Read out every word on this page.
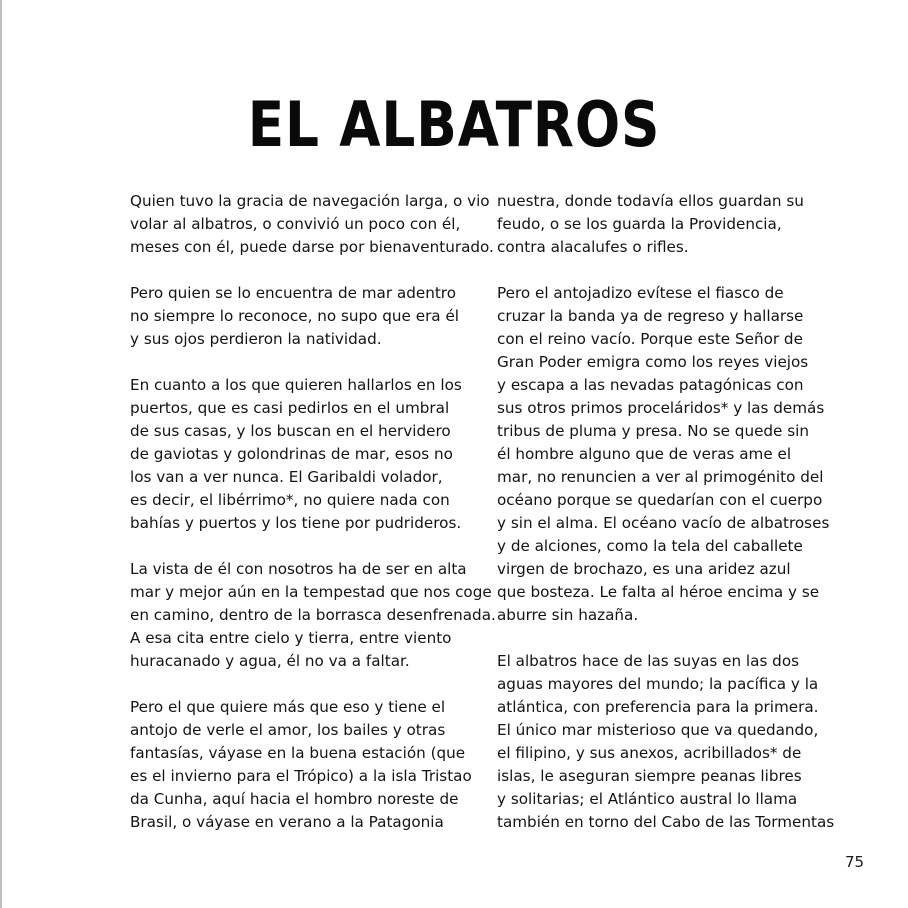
EL ALBATROS
Quien tuvo la gracia de navegación larga, o vio
volar al albatros, o convivió un poco con él,
meses con él, puede darse por bienaventurado.
Pero quien se lo encuentra de mar adentro
no siempre lo reconoce, no supo que era él
y sus ojos perdieron la natividad.
En cuanto a los que quieren hallarlos en los
puertos, que es casi pedirlos en el umbral
de sus casas, y los buscan en el hervidero
de gaviotas y golondrinas de mar, esos no
los van a ver nunca. El Garibaldi volador,
es decir, el libérrimo*, no quiere nada con
bahías y puertos y los tiene por pudrideros.
La vista de él con nosotros ha de ser en alta
mar y mejor aún en la tempestad que nos coge
en camino, dentro de la borrasca desenfrenada.
A esa cita entre cielo y tierra, entre viento
huracanado y agua, él no va a faltar.
Pero el que quiere más que eso y tiene el
antojo de verle el amor, los bailes y otras
fantasías, váyase en la buena estación (que
es el invierno para el Trópico) a la isla Tristao
da Cunha, aquí hacia el hombro noreste de
Brasil, o váyase en verano a la Patagonia
nuestra, donde todavía ellos guardan su
feudo, o se los guarda la Providencia,
contra alacalufes o rifles.
Pero el antojadizo evítese el fiasco de
cruzar la banda ya de regreso y hallarse
con el reino vacío. Porque este Señor de
Gran Poder emigra como los reyes viejos
y escapa a las nevadas patagónicas con
sus otros primos proceláridos* y las demás
tribus de pluma y presa. No se quede sin
él hombre alguno que de veras ame el
mar, no renuncien a ver al primogénito del
océano porque se quedarían con el cuerpo
y sin el alma. El océano vacío de albatroses
y de alciones, como la tela del caballete
virgen de brochazo, es una aridez azul
que bosteza. Le falta al héroe encima y se
aburre sin hazaña.
El albatros hace de las suyas en las dos
aguas mayores del mundo; la pacífica y la
atlántica, con preferencia para la primera.
El único mar misterioso que va quedando,
el filipino, y sus anexos, acribillados* de
islas, le aseguran siempre peanas libres
y solitarias; el Atlántico austral lo llama
también en torno del Cabo de las Tormentas
75
